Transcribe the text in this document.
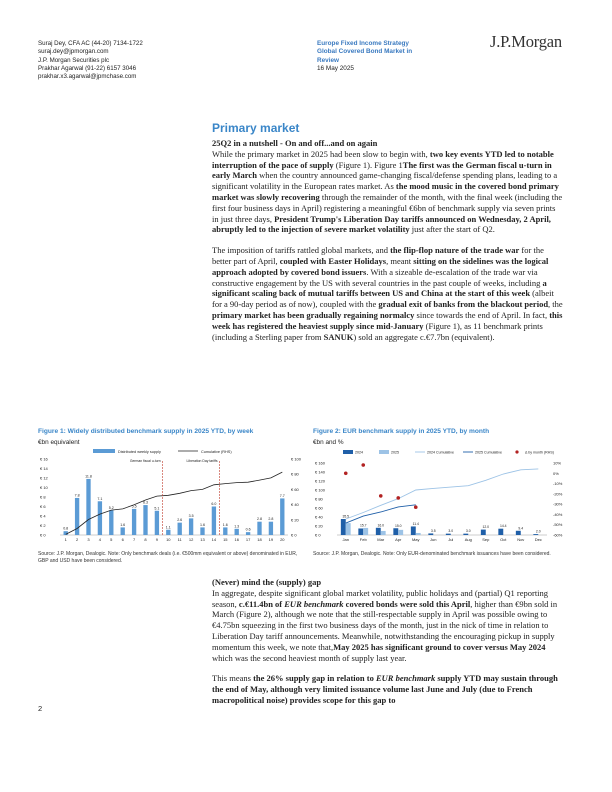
Suraj Dey, CFA AC (44-20) 7134-1722
suraj.dey@jpmorgan.com
J.P. Morgan Securities plc
Prakhar Agarwal (91-22) 6157 3046
prakhar.x3.agarwal@jpmchase.com
Europe Fixed Income Strategy
Global Covered Bond Market in
Review
16 May 2025
J.P.Morgan
Primary market

25Q2 in a nutshell - On and off...and on again

While the primary market in 2025 had been slow to begin with, two key events YTD led to notable interruption of the pace of supply (Figure 1). Figure 1The first was the German fiscal u-turn in early March when the country announced game-changing fiscal/defense spending plans, leading to a significant volatility in the European rates market. As the mood music in the covered bond primary market was slowly recovering through the remainder of the month, with the final week (including the first four business days in April) registering a meaningful €6bn of benchmark supply via seven prints in just three days, President Trump's Liberation Day tariffs announced on Wednesday, 2 April, abruptly led to the injection of severe market volatility just after the start of Q2.

The imposition of tariffs rattled global markets, and the flip-flop nature of the trade war for the better part of April, coupled with Easter Holidays, meant sitting on the sidelines was the logical approach adopted by covered bond issuers. With a sizeable de-escalation of the trade war via constructive engagement by the US with several countries in the past couple of weeks, including a significant scaling back of mutual tariffs between US and China at the start of this week (albeit for a 90-day period as of now), coupled with the gradual exit of banks from the blackout period, the primary market has been gradually regaining normalcy since towards the end of April. In fact, this week has registered the heaviest supply since mid-January (Figure 1), as 11 benchmark prints (including a Sterling paper from SANUK) sold an aggregate c.€7.7bn (equivalent).

Figure 1: Widely distributed benchmark supply in 2025 YTD, by week
€bn equivalent
Distributed weekly supply	Cumulative (RHS)
€ 0
€ 2
€ 4
€ 6
€ 8
€ 10
€ 12
€ 14
€ 16
€ 0
€ 20
€ 40
€ 60
€ 80
€ 100
0.8
1
7.8
2
11.8
3
7.1
4
5.2
5
1.6
6
5.5
7
6.3
8
5.1
9
1.1
10
2.6
11
3.5
12
1.6
13
6.0
14
1.6
15
1.3
16
0.6
17
2.8
18
2.8
19
7.7
20
German fiscal u-turn	Liberation Day tariffs
Source: J.P. Morgan, Dealogic. Note: Only benchmark deals (i.e. €500mm equivalent or above) denominated in EUR, GBP and USD have been considered.
Figure 2: EUR benchmark supply in 2025 YTD, by month
€bn and %
2024	2025	2024 Cumulative	2025 Cumulative	Δ by month (RHS)
€ 0
€ 20
€ 40
€ 60
€ 80
€ 100
€ 120
€ 140
€ 160
-60%
-50%
-40%
-30%
-20%
-10%
0%
10%
35.5
Jan
15.7
Feb
16.0
Mar
15.0
Apr
11.4
May
3.5
Jun
3.0
Jul
3.0
Aug
12.0
Sep
14.4
Oct
9.4
Nov
2.0
Dec
Source: J.P. Morgan, Dealogic. Note: Only EUR-denominated benchmark issuances have been considered.

(Never) mind the (supply) gap

In aggregate, despite significant global market volatility, public holidays and (partial) Q1 reporting season, c.€11.4bn of EUR benchmark covered bonds were sold this April, higher than €9bn sold in March (Figure 2), although we note that the still-respectable supply in April was possible owing to €4.75bn squeezing in the first two business days of the month, just in the nick of time in relation to Liberation Day tariff announcements. Meanwhile, notwithstanding the encouraging pickup in supply momentum this week, we note that,May 2025 has significant ground to cover versus May 2024 which was the second heaviest month of supply last year.

This means the 26% supply gap in relation to EUR benchmark supply YTD may sustain through the end of May, although very limited issuance volume last June and July (due to French macropolitical noise) provides scope for this gap to

2
